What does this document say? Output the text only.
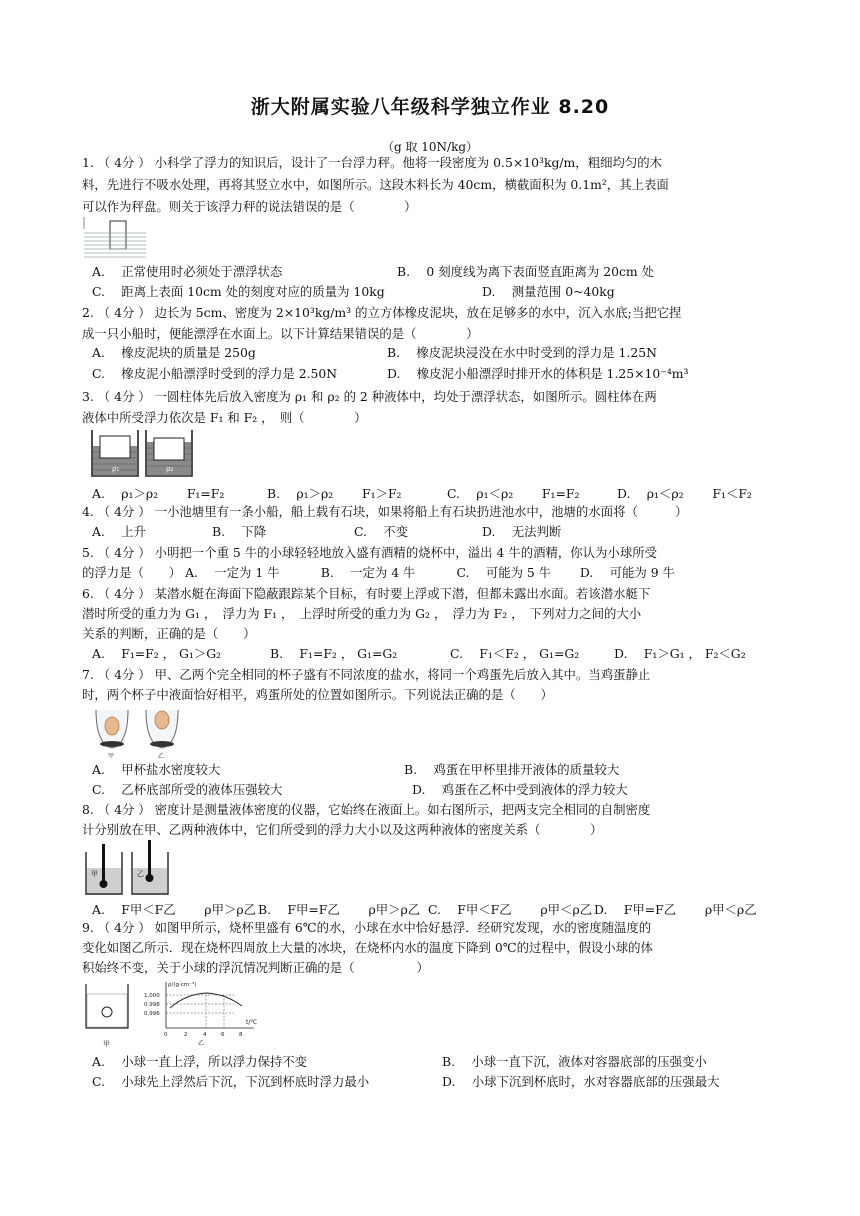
浙大附属实验八年级科学独立作业 8.20
（g 取 10N/kg）
1. （ 4分 ） 小科学了浮力的知识后，设计了一台浮力秤。他将一段密度为 0.5×10³kg/m，粗细均匀的木
料，先进行不吸水处理，再将其竖立水中，如图所示。这段木料长为 40cm，横截面积为 0.1m²，其上表面
可以作为秤盘。则关于该浮力秤的说法错误的是（　　　　）
A.　 正常使用时必须处于漂浮状态	B.　 0 刻度线为离下表面竖直距离为 20cm 处
C.　 距离上表面 10cm 处的刻度对应的质量为 10kg	D.　 测量范围 0~40kg
2. （ 4分 ） 边长为 5cm、密度为 2×10³kg/m³ 的立方体橡皮泥块，放在足够多的水中，沉入水底;当把它捏
成一只小船时，便能漂浮在水面上。以下计算结果错误的是（　　　　）
A.　 橡皮泥块的质量是 250g	B.　 橡皮泥块浸没在水中时受到的浮力是 1.25N
C.　 橡皮泥小船漂浮时受到的浮力是 2.50N	D.　 橡皮泥小船漂浮时排开水的体积是 1.25×10⁻⁴m³
3. （ 4分 ） 一圆柱体先后放入密度为 ρ₁ 和 ρ₂ 的 2 种液体中，均处于漂浮状态，如图所示。圆柱体在两
液体中所受浮力依次是 F₁ 和 F₂ ，　则（　　　　）
ρ₁	ρ₂
A.　 ρ₁＞ρ₂　　 F₁=F₂	B.　 ρ₁＞ρ₂　　 F₁＞F₂	C.　 ρ₁＜ρ₂　　 F₁=F₂	D.　 ρ₁＜ρ₂　　 F₁＜F₂
4. （ 4分 ） 一小池塘里有一条小船，船上载有石块，如果将船上有石块扔进池水中，池塘的水面将（　　　）
A.　 上升	B.　 下降	C.　 不变	D.　 无法判断
5. （ 4分 ） 小明把一个重 5 牛的小球轻轻地放入盛有酒精的烧杯中，溢出 4 牛的酒精，你认为小球所受
的浮力是（　　） A.　 一定为 1 牛　　　 B.　 一定为 4 牛　　　 C.　 可能为 5 牛　　 D.　 可能为 9 牛
6. （ 4分 ） 某潜水艇在海面下隐蔽跟踪某个目标，有时要上浮或下潜，但都未露出水面。若该潜水艇下
潜时所受的重力为 G₁ ，　浮力为 F₁ ，　上浮时所受的重力为 G₂ ，　浮力为 F₂ ，　下列对力之间的大小
关系的判断，正确的是（　　）
A.　 F₁=F₂ ， G₁＞G₂	B.　 F₁=F₂ ， G₁=G₂	C.　 F₁＜F₂ ， G₁=G₂	D.　 F₁＞G₁ ， F₂＜G₂
7. （ 4分 ） 甲、乙两个完全相同的杯子盛有不同浓度的盐水，将同一个鸡蛋先后放入其中。当鸡蛋静止
时，两个杯子中液面恰好相平，鸡蛋所处的位置如图所示。下列说法正确的是（　　）
甲	乙
A.　 甲杯盐水密度较大	B.　 鸡蛋在甲杯里排开液体的质量较大
C.　 乙杯底部所受的液体压强较大	D.　 鸡蛋在乙杯中受到液体的浮力较大
8. （ 4分 ） 密度计是测量液体密度的仪器，它始终在液面上。如右图所示，把两支完全相同的自制密度
计分别放在甲、乙两种液体中，它们所受到的浮力大小以及这两种液体的密度关系（　　　　）
甲	乙
A.　 F甲＜F乙　　 ρ甲＞ρ乙 B.　 F甲=F乙　　 ρ甲＞ρ乙 C.　 F甲＜F乙　　 ρ甲＜ρ乙 D.　 F甲=F乙　　 ρ甲＜ρ乙
9. （ 4分 ） 如图甲所示，烧杯里盛有 6℃的水，小球在水中恰好悬浮．经研究发现，水的密度随温度的
变化如图乙所示．现在烧杯四周放上大量的冰块，在烧杯内水的温度下降到 0℃的过程中，假设小球的体
积始终不变，关于小球的浮沉情况判断正确的是（　　　　　）
甲
ρ/(g·cm⁻³)
t/℃
1.000
0.998
0.996
0	2	4	6	8
乙
A.　 小球一直上浮，所以浮力保持不变	B.　 小球一直下沉，液体对容器底部的压强变小
C.　 小球先上浮然后下沉，下沉到杯底时浮力最小	D.　 小球下沉到杯底时，水对容器底部的压强最大
